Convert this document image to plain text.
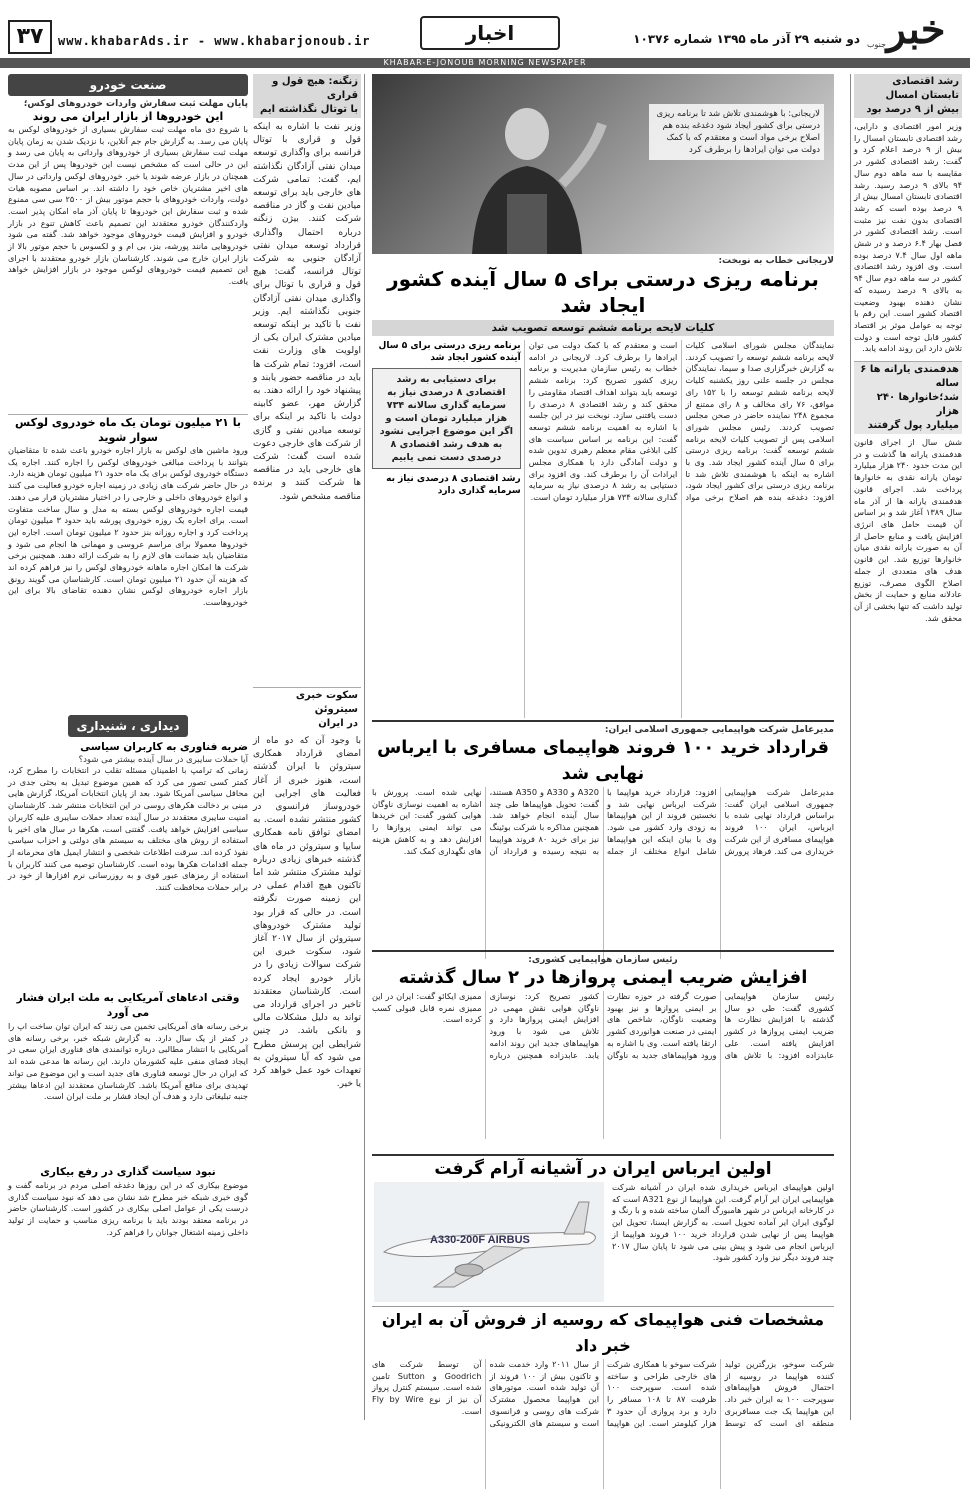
خبر
جنوب
دو شنبه ۲۹ آذر ماه ۱۳۹۵ شماره ۱۰۳۷۶
اخبار
www.khabarAds.ir - www.khabarjonoub.ir
۳۷
KHABAR-E-JONOUB MORNING NEWSPAPER
رشد اقتصادی تابستان امسال
بیش از ۹ درصد بود
وزیر امور اقتصادی و دارایی، رشد اقتصادی تابستان امسال را بیش از ۹ درصد اعلام کرد و گفت: رشد اقتصادی کشور در مقایسه با سه ماهه دوم سال ۹۴ بالای ۹ درصد رسید. رشد اقتصادی تابستان امسال بیش از ۹ درصد بوده است که رشد اقتصادی بدون نفت نیز مثبت است. رشد اقتصادی کشور در فصل بهار ۶.۴ درصد و در شش ماهه اول سال ۷.۴ درصد بوده است. وی افزود رشد اقتصادی کشور در سه ماهه دوم سال ۹۴ به بالای ۹ درصد رسیده که نشان دهنده بهبود وضعیت اقتصاد کشور است. این رقم با توجه به عوامل موثر بر اقتصاد کشور قابل توجه است و دولت تلاش دارد این روند ادامه یابد.
هدفمندی یارانه ها ۶ ساله
شد؛خانوارها ۲۴۰ هزار
میلیارد پول گرفتند
شش سال از اجرای قانون هدفمندی یارانه ها گذشت و در این مدت حدود ۲۴۰ هزار میلیارد تومان یارانه نقدی به خانوارها پرداخت شد. اجرای قانون هدفمندی یارانه ها از آذر ماه سال ۱۳۸۹ آغاز شد و بر اساس آن قیمت حامل های انرژی افزایش یافت و منابع حاصل از آن به صورت یارانه نقدی میان خانوارها توزیع شد. این قانون هدف های متعددی از جمله اصلاح الگوی مصرف، توزیع عادلانه منابع و حمایت از بخش تولید داشت که تنها بخشی از آن محقق شد.
لاریجانی: با هوشمندی تلاش شد تا برنامه ریزی درستی برای کشور ایجاد شود دغدغه بنده هم اصلاح برخی مواد است و معتقدم که با کمک دولت می توان ایرادها را برطرف کرد
لاریجانی خطاب به نوبخت:
برنامه ریزی درستی برای ۵ سال آینده کشور ایجاد شد
کلیات لایحه برنامه ششم توسعه تصویب شد
نمایندگان مجلس شورای اسلامی کلیات لایحه برنامه ششم توسعه را تصویب کردند. به گزارش خبرگزاری صدا و سیما، نمایندگان مجلس در جلسه علنی روز یکشنبه کلیات لایحه برنامه ششم توسعه را با ۱۵۲ رای موافق، ۷۶ رای مخالف و ۸ رای ممتنع از مجموع ۲۴۸ نماینده حاضر در صحن مجلس تصویب کردند. رئیس مجلس شورای اسلامی پس از تصویب کلیات لایحه برنامه ششم توسعه گفت: برنامه ریزی درستی برای ۵ سال آینده کشور ایجاد شد. وی با اشاره به اینکه با هوشمندی تلاش شد تا برنامه ریزی درستی برای کشور ایجاد شود، افزود: دغدغه بنده هم اصلاح برخی مواد است و معتقدم که با کمک دولت می توان ایرادها را برطرف کرد. لاریجانی در ادامه خطاب به رئیس سازمان مدیریت و برنامه ریزی کشور تصریح کرد: برنامه ششم توسعه باید بتواند اهداف اقتصاد مقاومتی را محقق کند و رشد اقتصادی ۸ درصدی را دست یافتنی سازد. نوبخت نیز در این جلسه با اشاره به اهمیت برنامه ششم توسعه گفت: این برنامه بر اساس سیاست های کلی ابلاغی مقام معظم رهبری تدوین شده و دولت آمادگی دارد با همکاری مجلس ایرادات آن را برطرف کند. وی افزود برای دستیابی به رشد ۸ درصدی نیاز به سرمایه گذاری سالانه ۷۳۴ هزار میلیارد تومان است.
برنامه ریزی درستی برای ۵ سال آینده کشور ایجاد شد
برای دستیابی به رشد اقتصادی ۸ درصدی نیاز به سرمایه گذاری سالانه ۷۳۴ هزار میلیارد تومان است و اگر این موضوع اجرایی نشود به هدف رشد اقتصادی ۸ درصدی دست نمی یابیم
رشد اقتصادی ۸ درصدی نیاز به سرمایه گذاری دارد
مدیرعامل شرکت هواپیمایی جمهوری اسلامی ایران:
قرارداد خرید ۱۰۰ فروند هواپیمای مسافری با ایرباس نهایی شد
مدیرعامل شرکت هواپیمایی جمهوری اسلامی ایران گفت: براساس قرارداد نهایی شده با ایرباس، ایران ۱۰۰ فروند هواپیمای مسافری از این شرکت خریداری می کند. فرهاد پرورش افزود: قرارداد خرید هواپیما با شرکت ایرباس نهایی شد و نخستین فروند از این هواپیماها به زودی وارد کشور می شود. وی با بیان اینکه این هواپیماها شامل انواع مختلف از جمله A320 و A330 و A350 هستند، گفت: تحویل هواپیماها طی چند سال آینده انجام خواهد شد. همچنین مذاکره با شرکت بوئینگ نیز برای خرید ۸۰ فروند هواپیما به نتیجه رسیده و قرارداد آن نهایی شده است. پرورش با اشاره به اهمیت نوسازی ناوگان هوایی کشور گفت: این خریدها می تواند ایمنی پروازها را افزایش دهد و به کاهش هزینه های نگهداری کمک کند.
رئیس سازمان هواپیمایی کشوری:
افزایش ضریب ایمنی پروازها در ۲ سال گذشته
رئیس سازمان هواپیمایی کشوری گفت: طی دو سال گذشته با افزایش نظارت ها ضریب ایمنی پروازها در کشور افزایش یافته است. علی عابدزاده افزود: با تلاش های صورت گرفته در حوزه نظارت بر ایمنی پروازها و نیز بهبود وضعیت ناوگان، شاخص های ایمنی در صنعت هوانوردی کشور ارتقا یافته است. وی با اشاره به ورود هواپیماهای جدید به ناوگان کشور تصریح کرد: نوسازی ناوگان هوایی نقش مهمی در افزایش ایمنی پروازها دارد و تلاش می شود با ورود هواپیماهای جدید این روند ادامه یابد. عابدزاده همچنین درباره ممیزی ایکائو گفت: ایران در این ممیزی نمره قابل قبولی کسب کرده است.
اولین ایرباس ایران در آشیانه آرام گرفت
اولین هواپیمای ایرباس خریداری شده ایران در آشیانه شرکت هواپیمایی ایران ایر آرام گرفت. این هواپیما از نوع A321 است که در کارخانه ایرباس در شهر هامبورگ آلمان ساخته شده و با رنگ و لوگوی ایران ایر آماده تحویل است. به گزارش ایسنا، تحویل این هواپیما پس از نهایی شدن قرارداد خرید ۱۰۰ فروند هواپیما از ایرباس انجام می شود و پیش بینی می شود تا پایان سال ۲۰۱۷ چند فروند دیگر نیز وارد کشور شود.
A330-200F AIRBUS
مشخصات فنی هواپیمای که روسیه از فروش آن به ایران خبر داد
شرکت سوخو، بزرگترین تولید کننده هواپیما در روسیه از احتمال فروش هواپیماهای سوپرجت ۱۰۰ به ایران خبر داد. این هواپیما یک جت مسافربری منطقه ای است که توسط شرکت سوخو با همکاری شرکت های خارجی طراحی و ساخته شده است. سوپرجت ۱۰۰ ظرفیت ۸۷ تا ۱۰۸ مسافر را دارد و برد پروازی آن حدود ۳ هزار کیلومتر است. این هواپیما از سال ۲۰۱۱ وارد خدمت شده و تاکنون بیش از ۱۰۰ فروند از آن تولید شده است. موتورهای این هواپیما محصول مشترک شرکت های روسی و فرانسوی است و سیستم های الکترونیکی آن توسط شرکت های Goodrich و Sutton تامین شده است. سیستم کنترل پرواز آن نیز از نوع Fly by Wire است.
زنگنه: هیچ قول و قراری
با توتال نگذاشته ایم
وزیر نفت با اشاره به اینکه قول و قراری با توتال فرانسه برای واگذاری توسعه میدان نفتی آزادگان نگذاشته ایم، گفت: تمامی شرکت های خارجی باید برای توسعه میادین نفت و گاز در مناقصه شرکت کنند. بیژن زنگنه درباره احتمال واگذاری قرارداد توسعه میدان نفتی آزادگان جنوبی به شرکت توتال فرانسه، گفت: هیچ قول و قراری با توتال برای واگذاری میدان نفتی آزادگان جنوبی نگذاشته ایم. وزیر نفت با تاکید بر اینکه توسعه میادین مشترک ایران یکی از اولویت های وزارت نفت است، افزود: تمام شرکت ها باید در مناقصه حضور یابند و پیشنهاد خود را ارائه دهند. به گزارش مهر، عضو کابینه دولت با تاکید بر اینکه برای توسعه میادین نفتی و گازی از شرکت های خارجی دعوت شده است گفت: شرکت های خارجی باید در مناقصه ها شرکت کنند و برنده مناقصه مشخص شود.
سکوت خبری سیتروئن
در ایران
با وجود آن که دو ماه از امضای قرارداد همکاری سیتروئن با ایران گذشته است، هنوز خبری از آغاز فعالیت های اجرایی این خودروساز فرانسوی در کشور منتشر نشده است. به امضای توافق نامه همکاری سایپا و سیتروئن در ماه های گذشته خبرهای زیادی درباره تولید مشترک منتشر شد اما تاکنون هیچ اقدام عملی در این زمینه صورت نگرفته است. در حالی که قرار بود تولید مشترک خودروهای سیتروئن از سال ۲۰۱۷ آغاز شود، سکوت خبری این شرکت سوالات زیادی را در بازار خودرو ایجاد کرده است. کارشناسان معتقدند تاخیر در اجرای قرارداد می تواند به دلیل مشکلات مالی و بانکی باشد. در چنین شرایطی این پرسش مطرح می شود که آیا سیتروئن به تعهدات خود عمل خواهد کرد یا خیر.
صنعت خودرو
پایان مهلت ثبت سفارش واردات خودروهای لوکس؛
این خودروها از بازار ایران می روند
با شروع دی ماه مهلت ثبت سفارش بسیاری از خودروهای لوکس به پایان می رسد. به گزارش جام جم آنلاین، با نزدیک شدن به زمان پایان مهلت ثبت سفارش بسیاری از خودروهای وارداتی به پایان می رسد و این در حالی است که مشخص نیست این خودروها پس از این مدت همچنان در بازار عرضه شوند یا خیر. خودروهای لوکس وارداتی در سال های اخیر مشتریان خاص خود را داشته اند. بر اساس مصوبه هیات دولت، واردات خودروهای با حجم موتور بیش از ۲۵۰۰ سی سی ممنوع شده و ثبت سفارش این خودروها تا پایان آذر ماه امکان پذیر است. واردکنندگان خودرو معتقدند این تصمیم باعث کاهش تنوع در بازار خودرو و افزایش قیمت خودروهای موجود خواهد شد. گفته می شود خودروهایی مانند پورشه، بنز، بی ام و و لکسوس با حجم موتور بالا از بازار ایران خارج می شوند. کارشناسان بازار خودرو معتقدند با اجرای این تصمیم قیمت خودروهای لوکس موجود در بازار افزایش خواهد یافت.
با ۲۱ میلیون تومان یک ماه خودروی لوکس سوار شوید
ورود ماشین های لوکس به بازار اجاره خودرو باعث شده تا متقاضیان بتوانند با پرداخت مبالغی خودروهای لوکس را اجاره کنند. اجاره یک دستگاه خودروی لوکس برای یک ماه حدود ۲۱ میلیون تومان هزینه دارد. در حال حاضر شرکت های زیادی در زمینه اجاره خودرو فعالیت می کنند و انواع خودروهای داخلی و خارجی را در اختیار مشتریان قرار می دهند. قیمت اجاره خودروهای لوکس بسته به مدل و سال ساخت متفاوت است. برای اجاره یک روزه خودروی پورشه باید حدود ۳ میلیون تومان پرداخت کرد و اجاره روزانه بنز حدود ۲ میلیون تومان است. اجاره این خودروها معمولا برای مراسم عروسی و مهمانی ها انجام می شود و متقاضیان باید ضمانت های لازم را به شرکت ارائه دهند. همچنین برخی شرکت ها امکان اجاره ماهانه خودروهای لوکس را نیز فراهم کرده اند که هزینه آن حدود ۲۱ میلیون تومان است. کارشناسان می گویند رونق بازار اجاره خودروهای لوکس نشان دهنده تقاضای بالا برای این خودروهاست.
دیداری ، شنیداری
ضربه فناوری به کاربران سیاسی
آیا حملات سایبری در سال آینده بیشتر می شود؟
زمانی که ترامپ با اطمینان مسئله تقلب در انتخابات را مطرح کرد، کمتر کسی تصور می کرد که همین موضوع تبدیل به بحثی جدی در محافل سیاسی آمریکا شود. بعد از پایان انتخابات آمریکا، گزارش هایی مبنی بر دخالت هکرهای روسی در این انتخابات منتشر شد. کارشناسان امنیت سایبری معتقدند در سال آینده تعداد حملات سایبری علیه کاربران سیاسی افزایش خواهد یافت. گفتنی است، هکرها در سال های اخیر با استفاده از روش های مختلف به سیستم های دولتی و احزاب سیاسی نفوذ کرده اند. سرقت اطلاعات شخصی و انتشار ایمیل های محرمانه از جمله اقدامات هکرها بوده است. کارشناسان توصیه می کنند کاربران با استفاده از رمزهای عبور قوی و به روزرسانی نرم افزارها از خود در برابر حملات محافظت کنند.
وقتی ادعاهای آمریکایی به ملت ایران فشار می آورد
برخی رسانه های آمریکایی تخمین می زنند که ایران توان ساخت اپ را در کمتر از یک سال دارد. به گزارش شبکه خبر، برخی رسانه های آمریکایی با انتشار مطالبی درباره توانمندی های فناوری ایران سعی در ایجاد فضای منفی علیه کشورمان دارند. این رسانه ها مدعی شده اند که ایران در حال توسعه فناوری های جدید است و این موضوع می تواند تهدیدی برای منافع آمریکا باشد. کارشناسان معتقدند این ادعاها بیشتر جنبه تبلیغاتی دارد و هدف آن ایجاد فشار بر ملت ایران است.
نبود سیاست گذاری در رفع بیکاری
موضوع بیکاری که در این روزها دغدغه اصلی مردم در برنامه گفت و گوی خبری شبکه خبر مطرح شد نشان می دهد که نبود سیاست گذاری درست یکی از عوامل اصلی بیکاری در کشور است. کارشناسان حاضر در برنامه معتقد بودند باید با برنامه ریزی مناسب و حمایت از تولید داخلی زمینه اشتغال جوانان را فراهم کرد.
